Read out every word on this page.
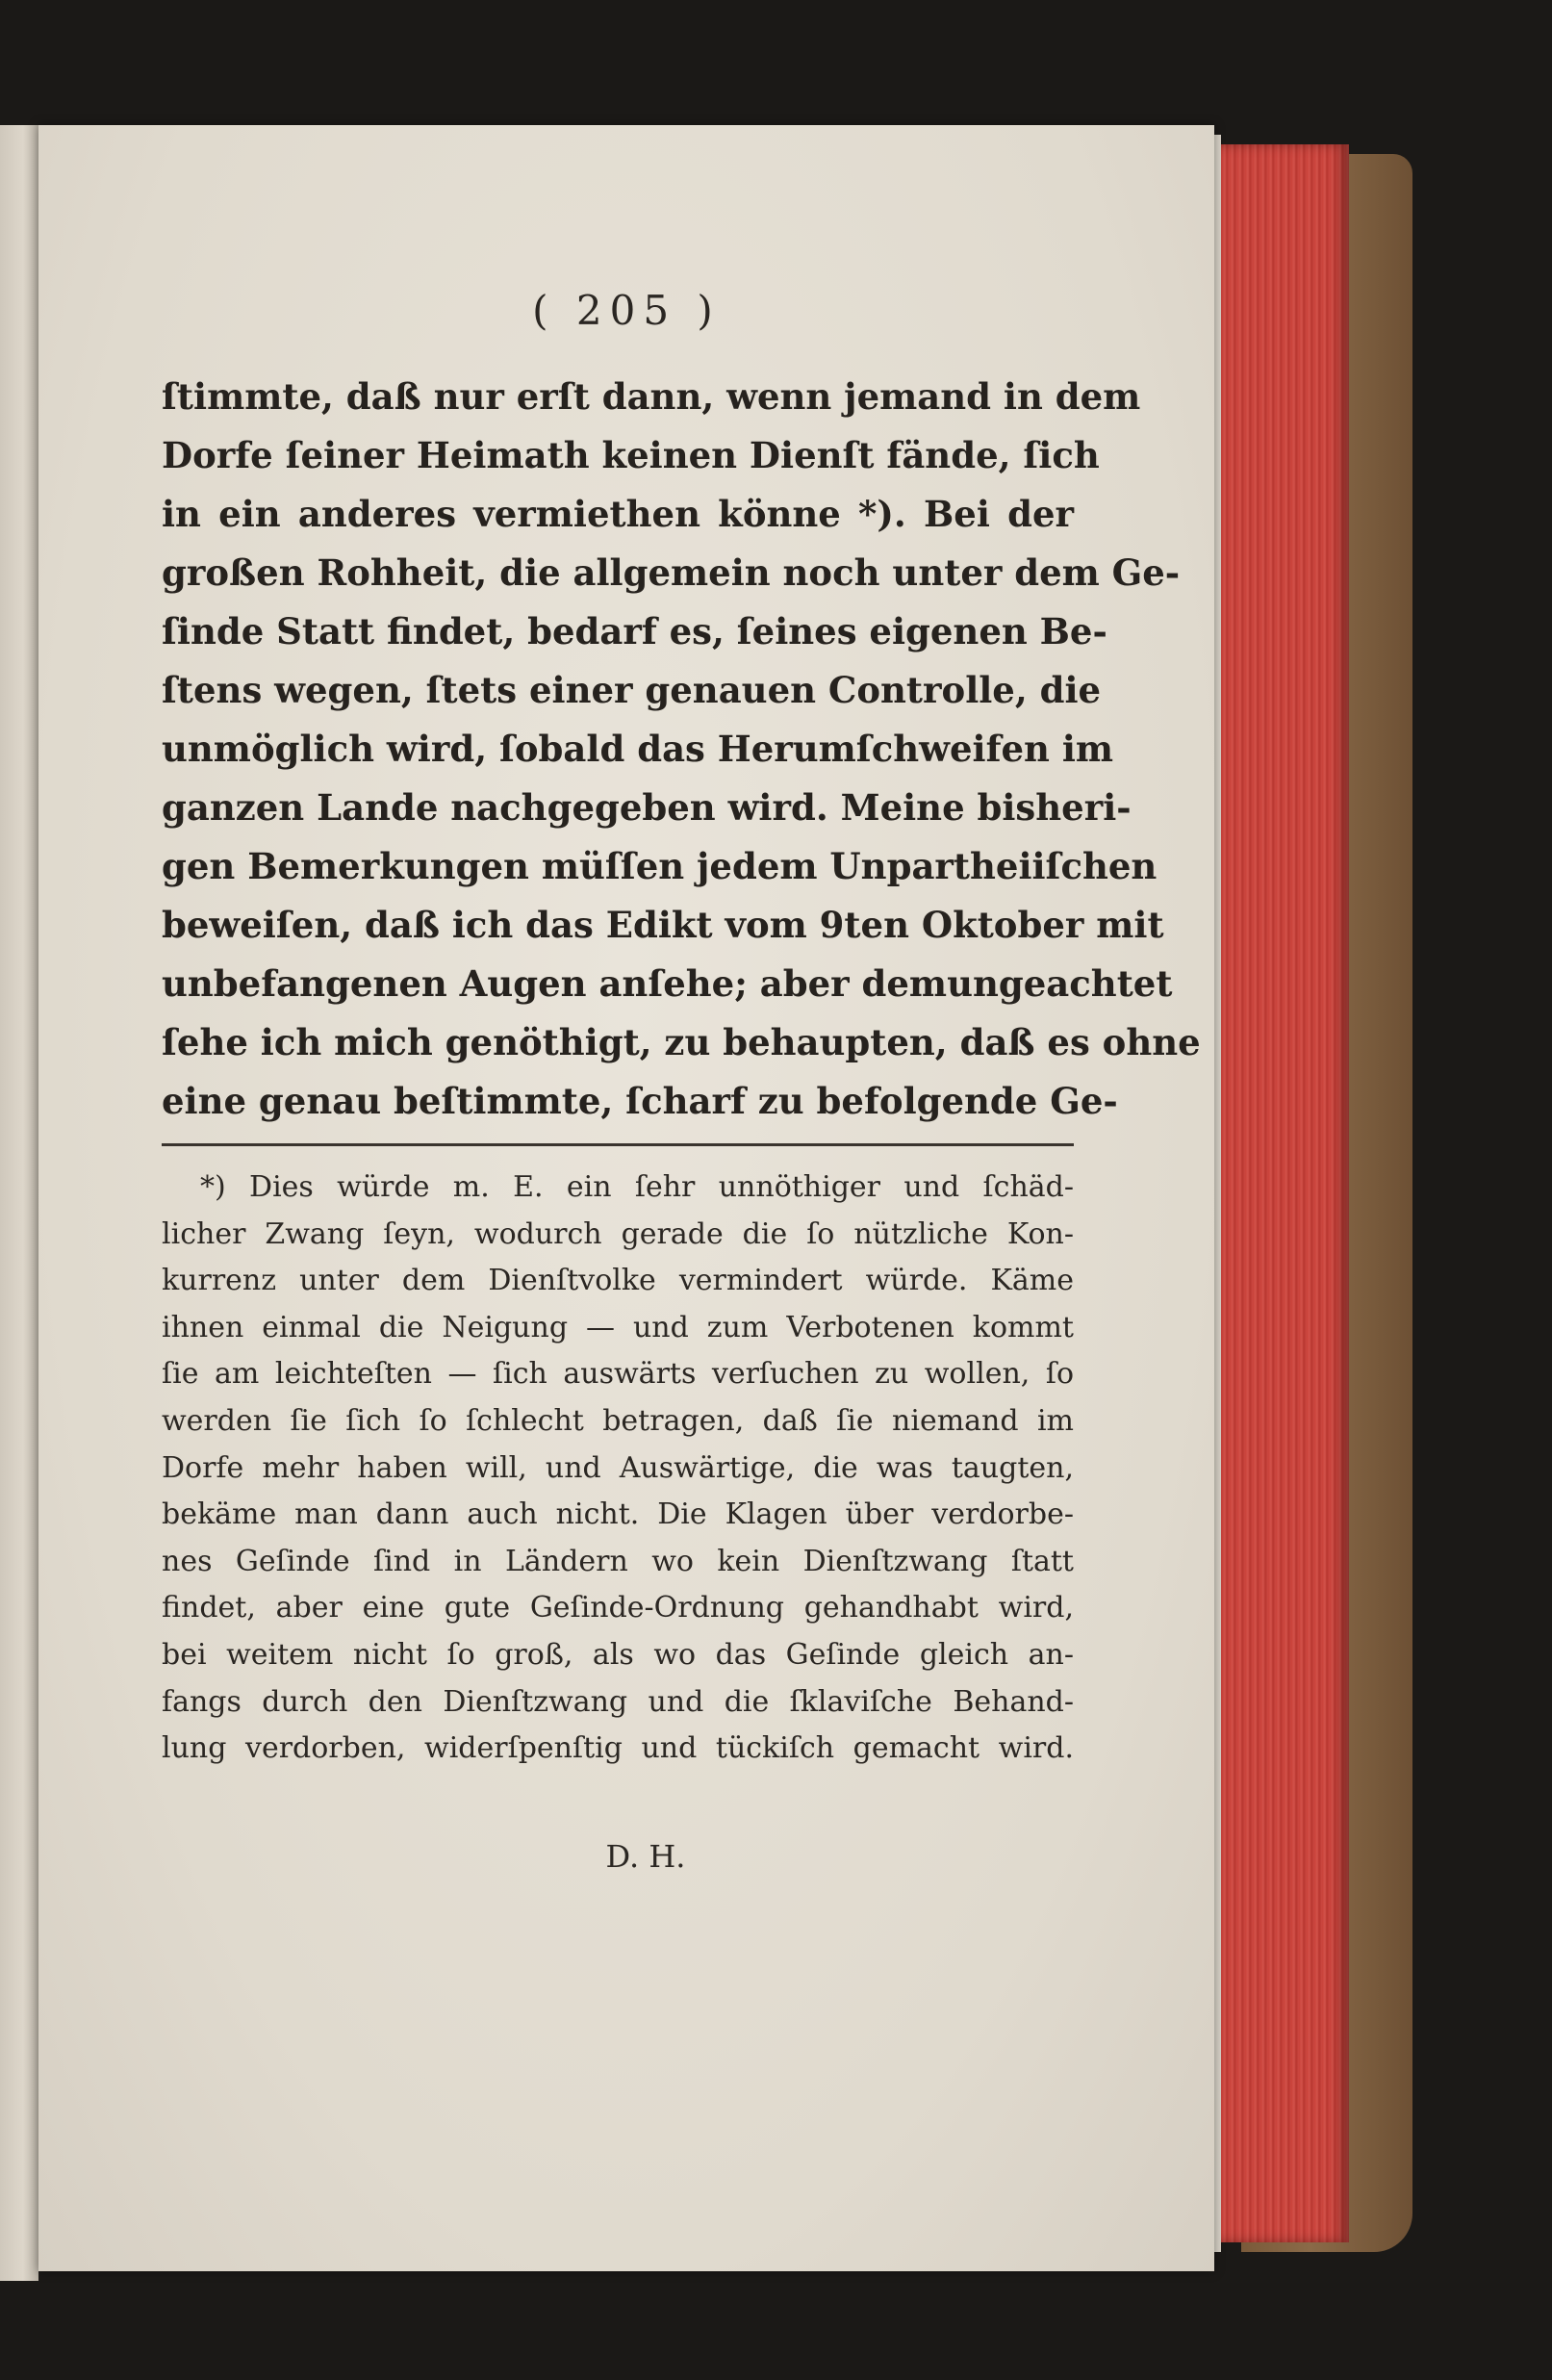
( 205 )
ſtimmte, daß nur erſt dann, wenn jemand in dem
Dorfe ſeiner Heimath keinen Dienſt fände, ſich
in ein anderes vermiethen könne *). Bei der
großen Rohheit, die allgemein noch unter dem Ge-
ſinde Statt findet, bedarf es, ſeines eigenen Be-
ſtens wegen, ſtets einer genauen Controlle, die
unmöglich wird, ſobald das Herumſchweifen im
ganzen Lande nachgegeben wird. Meine bisheri-
gen Bemerkungen müſſen jedem Unpartheiiſchen
beweiſen, daß ich das Edikt vom 9ten Oktober mit
unbefangenen Augen anſehe; aber demungeachtet
ſehe ich mich genöthigt, zu behaupten, daß es ohne
eine genau beſtimmte, ſcharf zu befolgende Ge-
*) Dies würde m. E. ein ſehr unnöthiger und ſchäd-
licher Zwang ſeyn, wodurch gerade die ſo nützliche Kon-
kurrenz unter dem Dienſtvolke vermindert würde. Käme
ihnen einmal die Neigung — und zum Verbotenen kommt
ſie am leichteſten — ſich auswärts verſuchen zu wollen, ſo
werden ſie ſich ſo ſchlecht betragen, daß ſie niemand im
Dorfe mehr haben will, und Auswärtige, die was taugten,
bekäme man dann auch nicht. Die Klagen über verdorbe-
nes Geſinde ſind in Ländern wo kein Dienſtzwang ſtatt
findet, aber eine gute Geſinde-Ordnung gehandhabt wird,
bei weitem nicht ſo groß, als wo das Geſinde gleich an-
fangs durch den Dienſtzwang und die ſklaviſche Behand-
lung verdorben, widerſpenſtig und tückiſch gemacht wird.
D. H.
